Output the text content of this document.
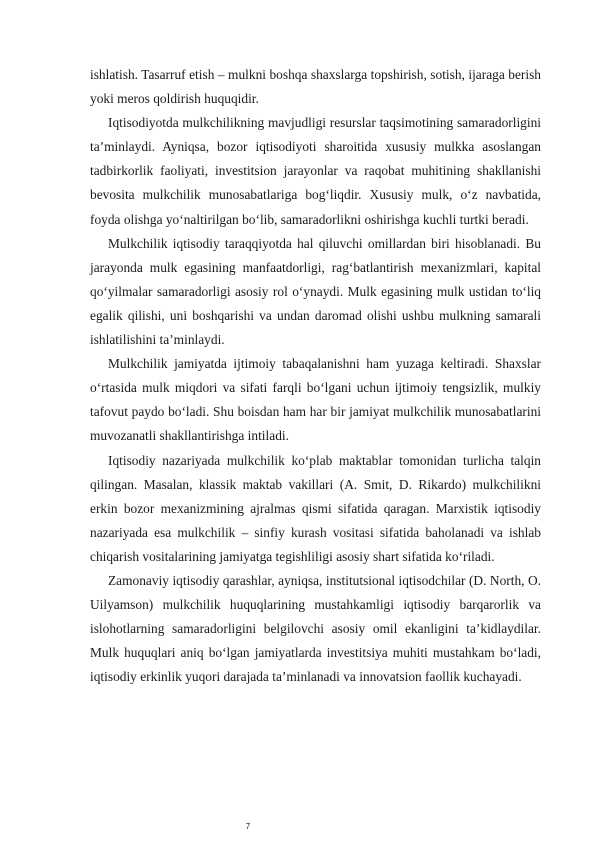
ishlatish. Tasarruf etish – mulkni boshqa shaxslarga topshirish, sotish, ijaraga berish yoki meros qoldirish huquqidir.

Iqtisodiyotda mulkchilikning mavjudligi resurslar taqsimotining samaradorligini ta’minlaydi. Ayniqsa, bozor iqtisodiyoti sharoitida xususiy mulkka asoslangan tadbirkorlik faoliyati, investitsion jarayonlar va raqobat muhitining shakllanishi bevosita mulkchilik munosabatlariga bog‘liqdir. Xususiy mulk, o‘z navbatida, foyda olishga yo‘naltirilgan bo‘lib, samaradorlikni oshirishga kuchli turtki beradi.

Mulkchilik iqtisodiy taraqqiyotda hal qiluvchi omillardan biri hisoblanadi. Bu jarayonda mulk egasining manfaatdorligi, rag‘batlantirish mexanizmlari, kapital qo‘yilmalar samaradorligi asosiy rol o‘ynaydi. Mulk egasining mulk ustidan to‘liq egalik qilishi, uni boshqarishi va undan daromad olishi ushbu mulkning samarali ishlatilishini ta’minlaydi.

Mulkchilik jamiyatda ijtimoiy tabaqalanishni ham yuzaga keltiradi. Shaxslar o‘rtasida mulk miqdori va sifati farqli bo‘lgani uchun ijtimoiy tengsizlik, mulkiy tafovut paydo bo‘ladi. Shu boisdan ham har bir jamiyat mulkchilik munosabatlarini muvozanatli shakllantirishga intiladi.

Iqtisodiy nazariyada mulkchilik ko‘plab maktablar tomonidan turlicha talqin qilingan. Masalan, klassik maktab vakillari (A. Smit, D. Rikardo) mulkchilikni erkin bozor mexanizmining ajralmas qismi sifatida qaragan. Marxistik iqtisodiy nazariyada esa mulkchilik – sinfiy kurash vositasi sifatida baholanadi va ishlab chiqarish vositalarining jamiyatga tegishliligi asosiy shart sifatida ko‘riladi.

Zamonaviy iqtisodiy qarashlar, ayniqsa, institutsional iqtisodchilar (D. North, O. Uilyamson) mulkchilik huquqlarining mustahkamligi iqtisodiy barqarorlik va islohotlarning samaradorligini belgilovchi asosiy omil ekanligini ta’kidlaydilar. Mulk huquqlari aniq bo‘lgan jamiyatlarda investitsiya muhiti mustahkam bo‘ladi, iqtisodiy erkinlik yuqori darajada ta’minlanadi va innovatsion faollik kuchayadi.

7
